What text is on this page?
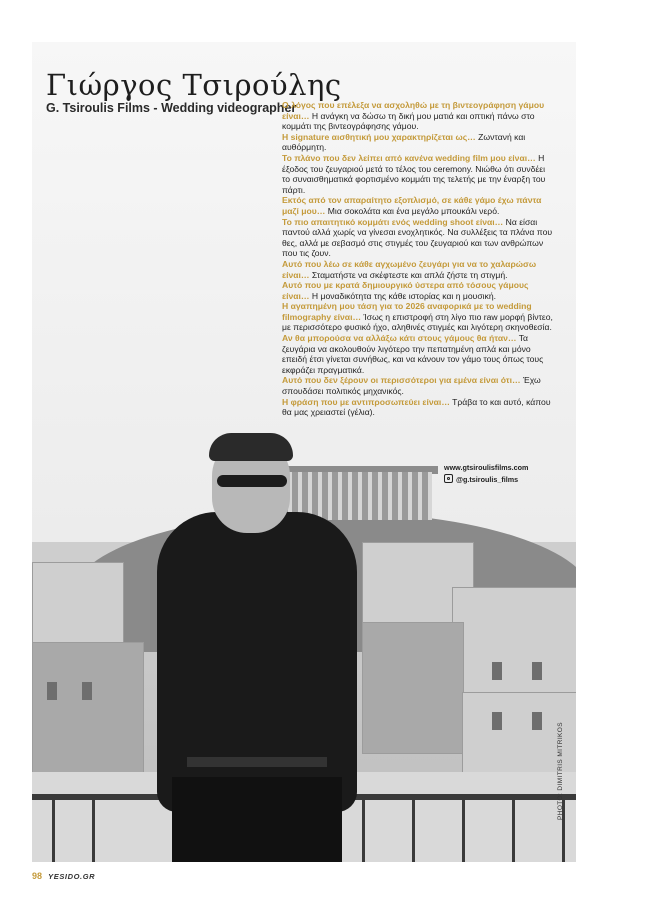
Γιώργος Τσιρούλης
G. Tsiroulis Films - Wedding videographer

Ο λόγος που επέλεξα να ασχοληθώ με τη βιντεογράφηση γάμου είναι… Η ανάγκη να δώσω τη δική μου ματιά και οπτική πάνω στο κομμάτι της βιντεογράφησης γάμου.

Η signature αισθητική μου χαρακτηρίζεται ως… Ζωντανή και αυθόρμητη.

Το πλάνο που δεν λείπει από κανένα wedding film μου είναι… Η έξοδος του ζευγαριού μετά το τέλος του ceremony. Νιώθω ότι συνδέει το συναισθηματικά φορτισμένο κομμάτι της τελετής με την έναρξη του πάρτι.

Εκτός από τον απαραίτητο εξοπλισμό, σε κάθε γάμο έχω πάντα μαζί μου… Μια σοκολάτα και ένα μεγάλο μπουκάλι νερό.

Το πιο απαιτητικό κομμάτι ενός wedding shoot είναι… Να είσαι παντού αλλά χωρίς να γίνεσαι ενοχλητικός. Να συλλέξεις τα πλάνα που θες, αλλά με σεβασμό στις στιγμές του ζευγαριού και των ανθρώπων που τις ζουν.

Αυτό που λέω σε κάθε αγχωμένο ζευγάρι για να το χαλαρώσω είναι… Σταματήστε να σκέφτεστε και απλά ζήστε τη στιγμή.

Αυτό που με κρατά δημιουργικό ύστερα από τόσους γάμους είναι… Η μοναδικότητα της κάθε ιστορίας και η μουσική.

Η αγαπημένη μου τάση για το 2026 αναφορικά με το wedding filmography είναι… Ίσως η επιστροφή στη λίγο πιο raw μορφή βίντεο, με περισσότερο φυσικό ήχο, αληθινές στιγμές και λιγότερη σκηνοθεσία.

Αν θα μπορούσα να αλλάξω κάτι στους γάμους θα ήταν… Τα ζευγάρια να ακολουθούν λιγότερο την πεπατημένη απλά και μόνο επειδή έτσι γίνεται συνήθως, και να κάνουν τον γάμο τους όπως τους εκφράζει πραγματικά.

Αυτό που δεν ξέρουν οι περισσότεροι για εμένα είναι ότι… Έχω σπουδάσει πολιτικός μηχανικός.

Η φράση που με αντιπροσωπεύει είναι… Τράβα το και αυτό, κάπου θα μας χρειαστεί (γέλια).

www.gtsiroulisfilms.com
@g.tsiroulis_films
PHOTO: DIMITRIS MITRIKOS
98 YESIDO.GR
